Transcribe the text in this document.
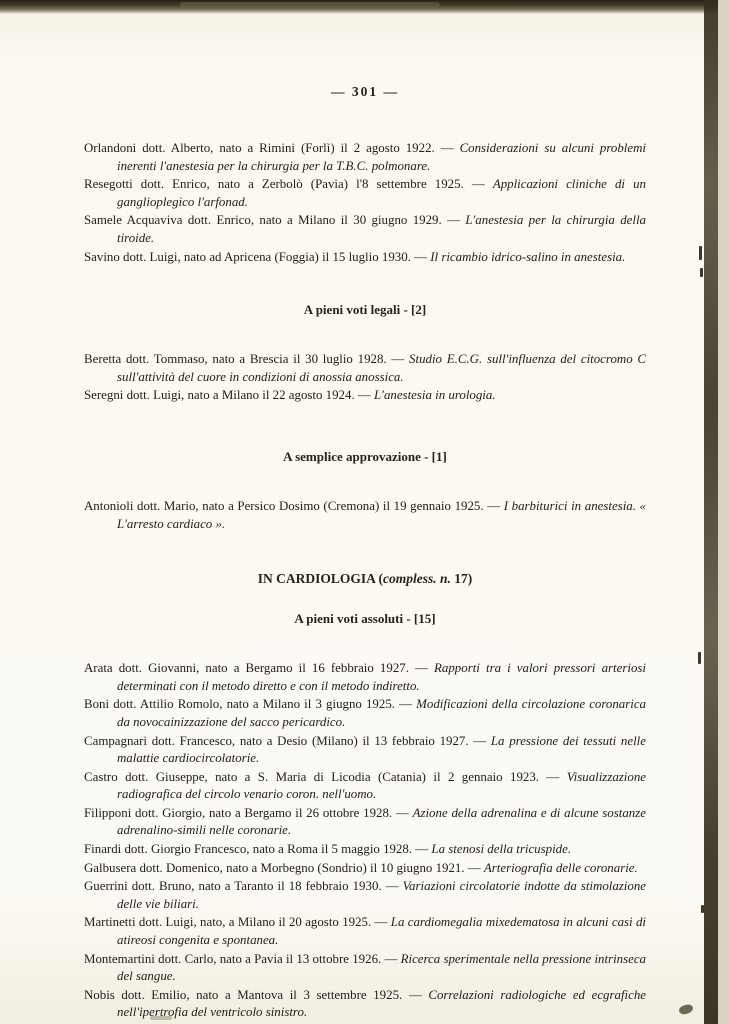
— 301 —

Orlandoni dott. Alberto, nato a Rimini (Forlì) il 2 agosto 1922. — Considerazioni su alcuni problemi inerenti l'anestesia per la chirurgia per la T.B.C. polmonare.

Resegotti dott. Enrico, nato a Zerbolò (Pavia) l'8 settembre 1925. — Applicazioni cliniche di un ganglioplegico l'arfonad.

Samele Acquaviva dott. Enrico, nato a Milano il 30 giugno 1929. — L'anestesia per la chirurgia della tiroide.

Savino dott. Luigi, nato ad Apricena (Foggia) il 15 luglio 1930. — Il ricambio idrico-salino in anestesia.

A pieni voti legali - [2]

Beretta dott. Tommaso, nato a Brescia il 30 luglio 1928. — Studio E.C.G. sull'influenza del citocromo C sull'attività del cuore in condizioni di anossia anossica.

Seregni dott. Luigi, nato a Milano il 22 agosto 1924. — L'anestesia in urologia.

A semplice approvazione - [1]

Antonioli dott. Mario, nato a Persico Dosimo (Cremona) il 19 gennaio 1925. — I barbiturici in anestesia. « L'arresto cardiaco ».

IN CARDIOLOGIA (compless. n. 17)

A pieni voti assoluti - [15]

Arata dott. Giovanni, nato a Bergamo il 16 febbraio 1927. — Rapporti tra i valori pressori arteriosi determinati con il metodo diretto e con il metodo indiretto.

Boni dott. Attilio Romolo, nato a Milano il 3 giugno 1925. — Modificazioni della circolazione coronarica da novocainizzazione del sacco pericardico.

Campagnari dott. Francesco, nato a Desio (Milano) il 13 febbraio 1927. — La pressione dei tessuti nelle malattie cardiocircolatorie.

Castro dott. Giuseppe, nato a S. Maria di Licodia (Catania) il 2 gennaio 1923. — Visualizzazione radiografica del circolo venario coron. nell'uomo.

Filipponi dott. Giorgio, nato a Bergamo il 26 ottobre 1928. — Azione della adrenalina e di alcune sostanze adrenalino-simili nelle coronarie.

Finardi dott. Giorgio Francesco, nato a Roma il 5 maggio 1928. — La stenosi della tricuspide.

Galbusera dott. Domenico, nato a Morbegno (Sondrio) il 10 giugno 1921. — Arteriografia delle coronarie.

Guerrini dott. Bruno, nato a Taranto il 18 febbraio 1930. — Variazioni circolatorie indotte da stimolazione delle vie biliari.

Martinetti dott. Luigi, nato, a Milano il 20 agosto 1925. — La cardiomegalia mixedematosa in alcuni casi di atireosi congenita e spontanea.

Montemartini dott. Carlo, nato a Pavia il 13 ottobre 1926. — Ricerca sperimentale nella pressione intrinseca del sangue.

Nobis dott. Emilio, nato a Mantova il 3 settembre 1925. — Correlazioni radiologiche ed ecgrafiche nell'ipertrofia del ventricolo sinistro.
